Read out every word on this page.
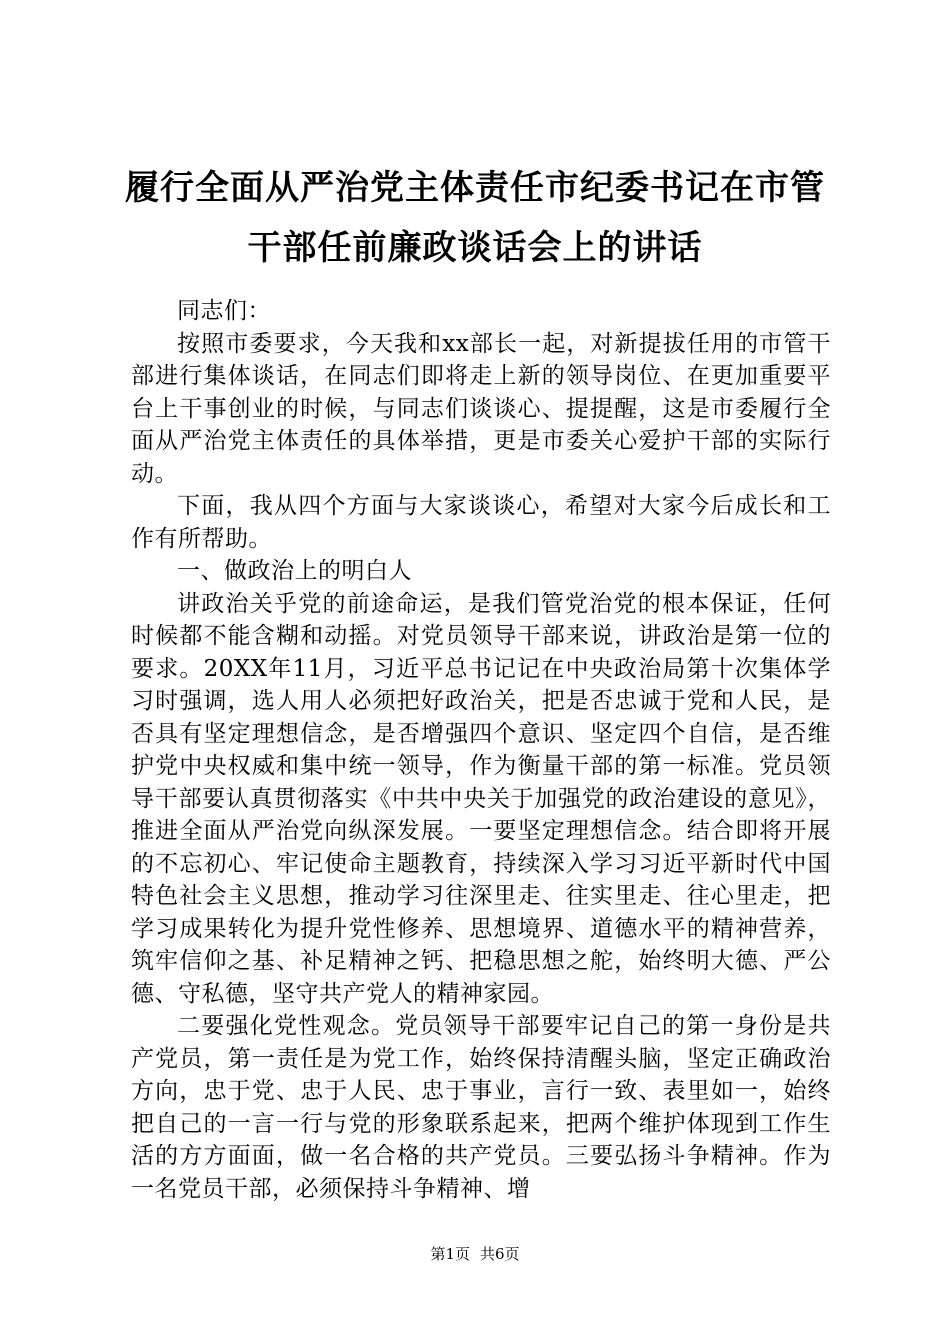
履行全面从严治党主体责任市纪委书记在市管
干部任前廉政谈话会上的讲话

同志们：

按照市委要求，今天我和xx部长一起，对新提拔任用的市管干部进行集体谈话，在同志们即将走上新的领导岗位、在更加重要平台上干事创业的时候，与同志们谈谈心、提提醒，这是市委履行全面从严治党主体责任的具体举措，更是市委关心爱护干部的实际行动。

下面，我从四个方面与大家谈谈心，希望对大家今后成长和工作有所帮助。

一、做政治上的明白人

讲政治关乎党的前途命运，是我们管党治党的根本保证，任何时候都不能含糊和动摇。对党员领导干部来说，讲政治是第一位的要求。20XX年11月，习近平总书记记在中央政治局第十次集体学习时强调，选人用人必须把好政治关，把是否忠诚于党和人民，是否具有坚定理想信念，是否增强四个意识、坚定四个自信，是否维护党中央权威和集中统一领导，作为衡量干部的第一标准。党员领导干部要认真贯彻落实《中共中央关于加强党的政治建设的意见》，推进全面从严治党向纵深发展。一要坚定理想信念。结合即将开展的不忘初心、牢记使命主题教育，持续深入学习习近平新时代中国特色社会主义思想，推动学习往深里走、往实里走、往心里走，把学习成果转化为提升党性修养、思想境界、道德水平的精神营养，筑牢信仰之基、补足精神之钙、把稳思想之舵，始终明大德、严公德、守私德，坚守共产党人的精神家园。

二要强化党性观念。党员领导干部要牢记自己的第一身份是共产党员，第一责任是为党工作，始终保持清醒头脑，坚定正确政治方向，忠于党、忠于人民、忠于事业，言行一致、表里如一，始终把自己的一言一行与党的形象联系起来，把两个维护体现到工作生活的方方面面，做一名合格的共产党员。三要弘扬斗争精神。作为一名党员干部，必须保持斗争精神、增

第1页 共6页
